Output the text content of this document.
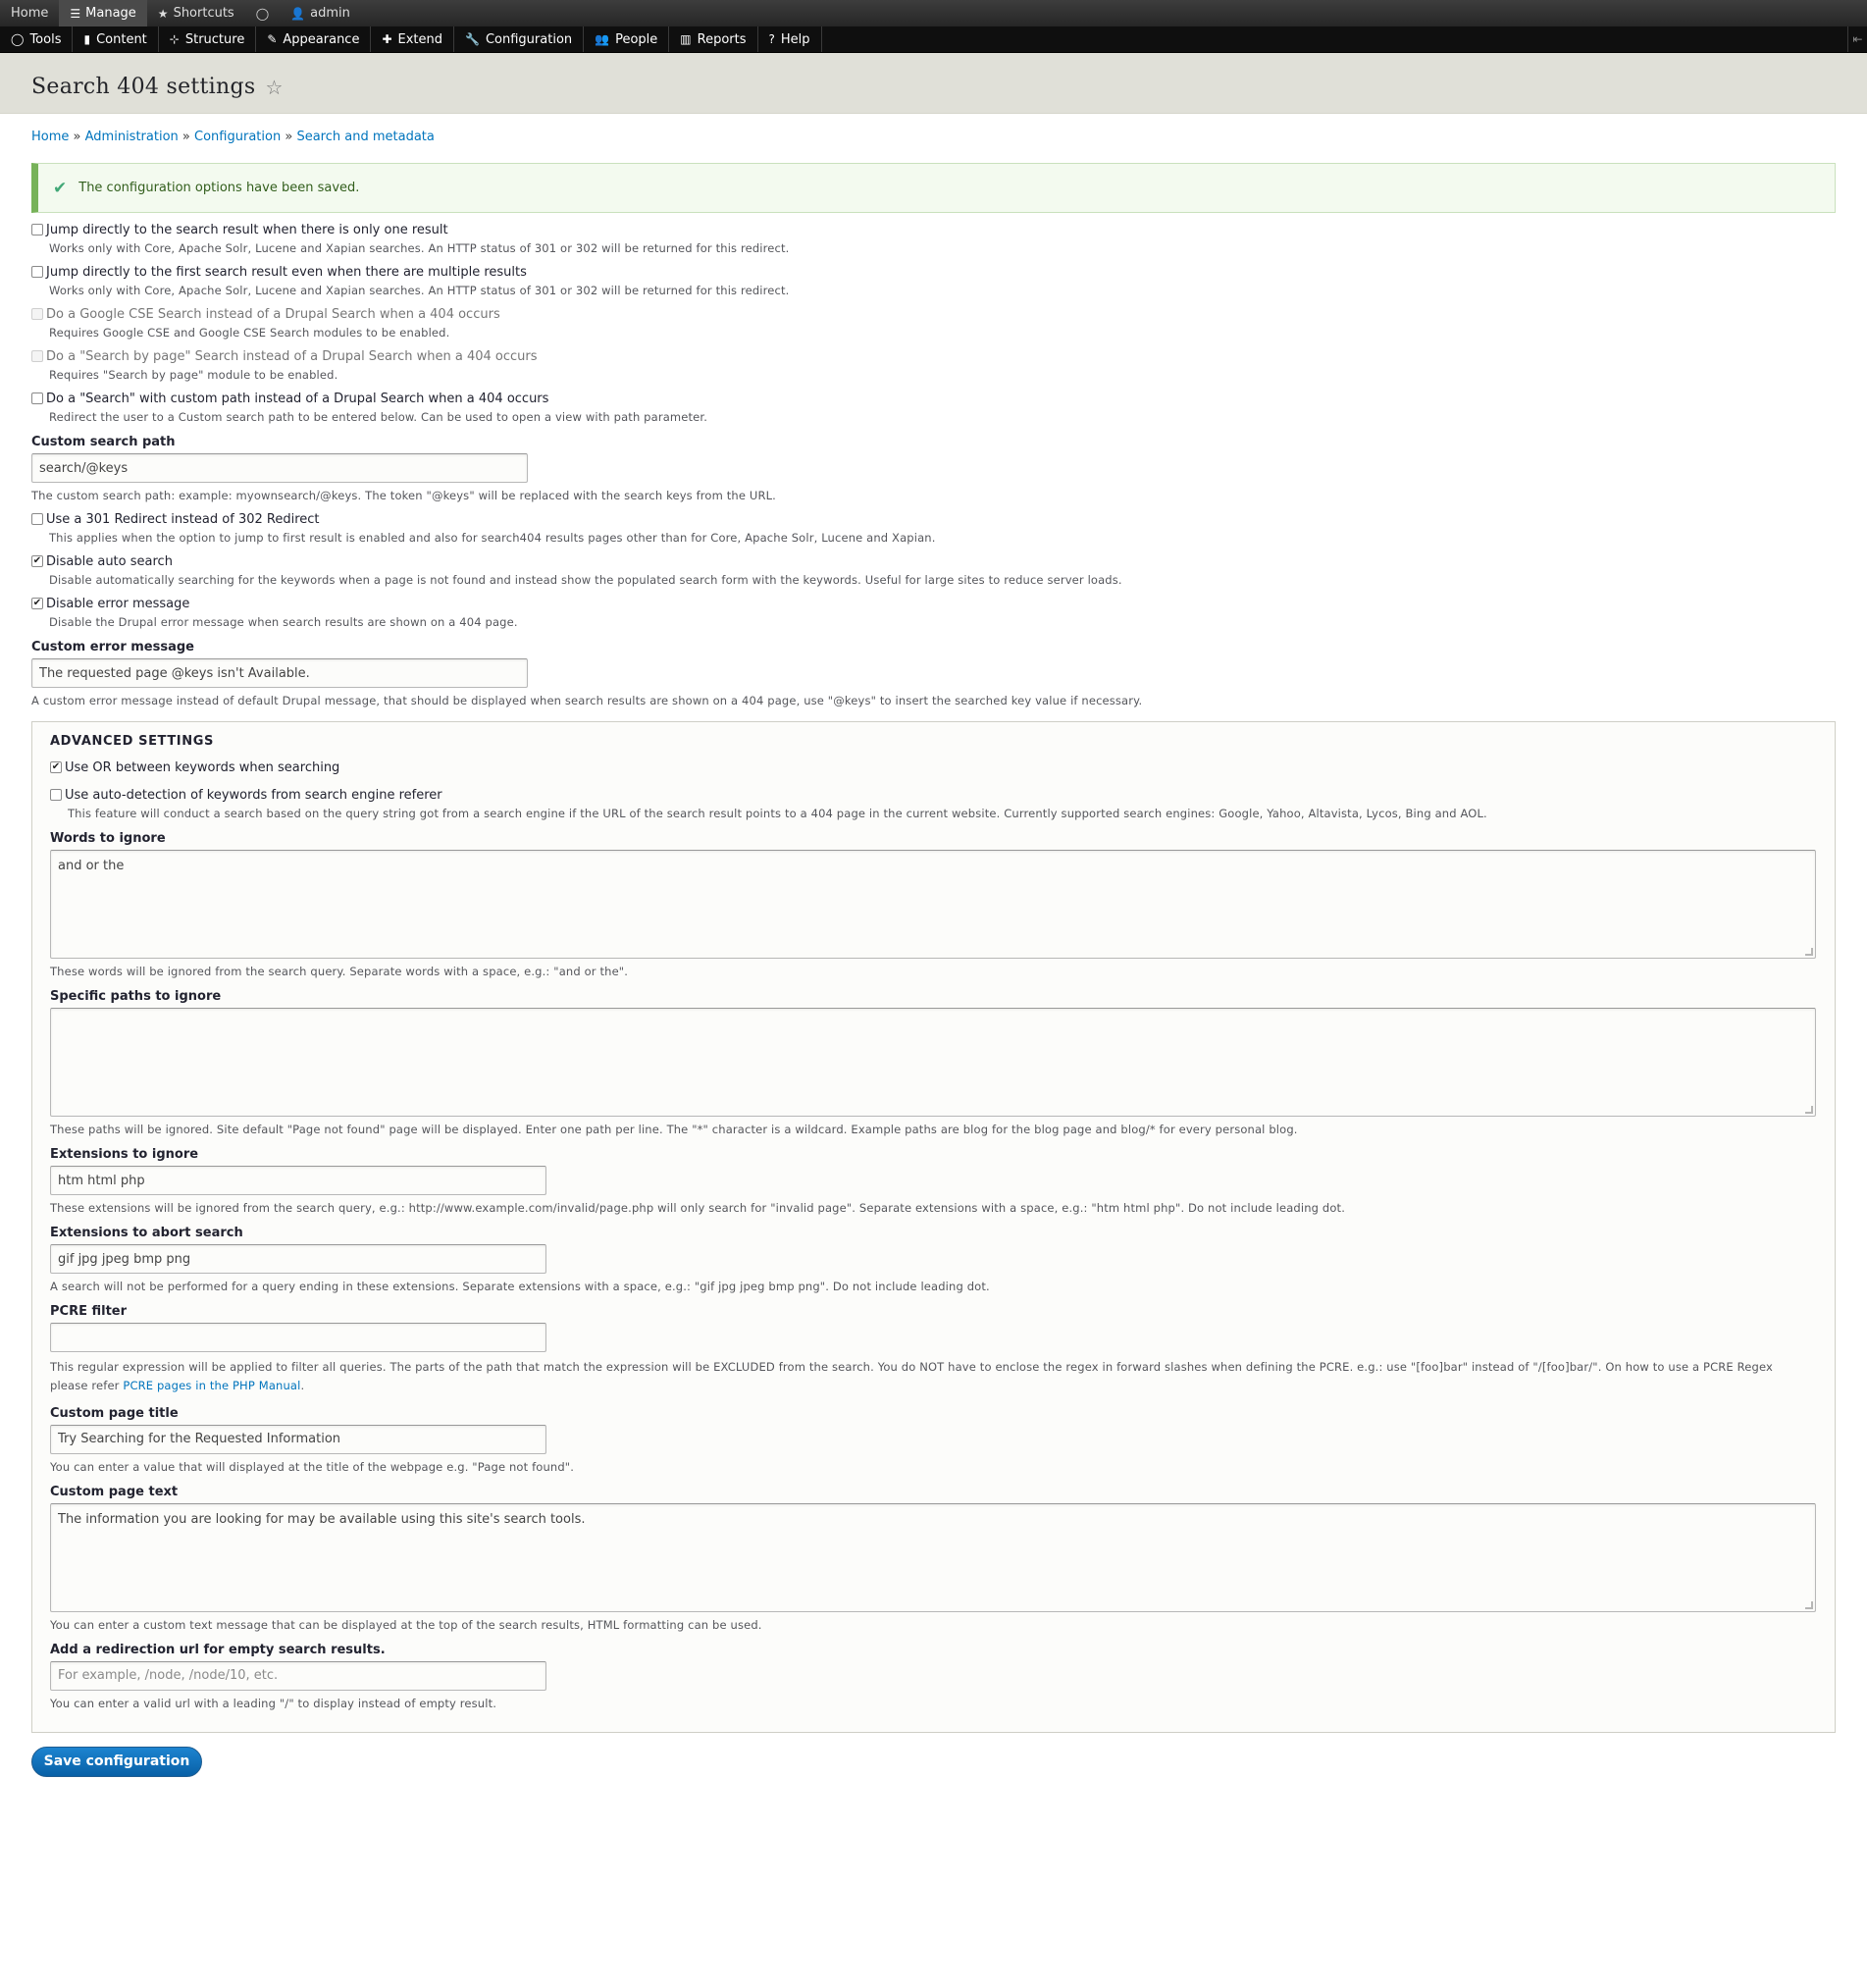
Home ☰ Manage ★ Shortcuts ◯ 👤 admin
◯ Tools ▮ Content ⊹ Structure ✎ Appearance ✚ Extend 🔧 Configuration 👥 People ▥ Reports ? Help	⇤
Search 404 settings ☆
Home » Administration » Configuration » Search and metadata
✔ The configuration options have been saved.
Jump directly to the search result when there is only one result
Works only with Core, Apache Solr, Lucene and Xapian searches. An HTTP status of 301 or 302 will be returned for this redirect.
Jump directly to the first search result even when there are multiple results
Works only with Core, Apache Solr, Lucene and Xapian searches. An HTTP status of 301 or 302 will be returned for this redirect.
Do a Google CSE Search instead of a Drupal Search when a 404 occurs
Requires Google CSE and Google CSE Search modules to be enabled.
Do a "Search by page" Search instead of a Drupal Search when a 404 occurs
Requires "Search by page" module to be enabled.
Do a "Search" with custom path instead of a Drupal Search when a 404 occurs
Redirect the user to a Custom search path to be entered below. Can be used to open a view with path parameter.
Custom search path
search/@keys
The custom search path: example: myownsearch/@keys. The token "@keys" will be replaced with the search keys from the URL.
Use a 301 Redirect instead of 302 Redirect
This applies when the option to jump to first result is enabled and also for search404 results pages other than for Core, Apache Solr, Lucene and Xapian.
✔ Disable auto search
Disable automatically searching for the keywords when a page is not found and instead show the populated search form with the keywords. Useful for large sites to reduce server loads.
✔ Disable error message
Disable the Drupal error message when search results are shown on a 404 page.
Custom error message
The requested page @keys isn't Available.
A custom error message instead of default Drupal message, that should be displayed when search results are shown on a 404 page, use "@keys" to insert the searched key value if necessary.
ADVANCED SETTINGS
✔ Use OR between keywords when searching
Use auto-detection of keywords from search engine referer
This feature will conduct a search based on the query string got from a search engine if the URL of the search result points to a 404 page in the current website. Currently supported search engines: Google, Yahoo, Altavista, Lycos, Bing and AOL.
Words to ignore
and or the
These words will be ignored from the search query. Separate words with a space, e.g.: "and or the".
Specific paths to ignore
These paths will be ignored. Site default "Page not found" page will be displayed. Enter one path per line. The "*" character is a wildcard. Example paths are blog for the blog page and blog/* for every personal blog.
Extensions to ignore
htm html php
These extensions will be ignored from the search query, e.g.: http://www.example.com/invalid/page.php will only search for "invalid page". Separate extensions with a space, e.g.: "htm html php". Do not include leading dot.
Extensions to abort search
gif jpg jpeg bmp png
A search will not be performed for a query ending in these extensions. Separate extensions with a space, e.g.: "gif jpg jpeg bmp png". Do not include leading dot.
PCRE filter
This regular expression will be applied to filter all queries. The parts of the path that match the expression will be EXCLUDED from the search. You do NOT have to enclose the regex in forward slashes when defining the PCRE. e.g.: use "[foo]bar" instead of "/[foo]bar/". On how to use a PCRE Regex
please refer PCRE pages in the PHP Manual.
Custom page title
Try Searching for the Requested Information
You can enter a value that will displayed at the title of the webpage e.g. "Page not found".
Custom page text
The information you are looking for may be available using this site's search tools.
You can enter a custom text message that can be displayed at the top of the search results, HTML formatting can be used.
Add a redirection url for empty search results.
For example, /node, /node/10, etc.
You can enter a valid url with a leading "/" to display instead of empty result.
Save configuration
